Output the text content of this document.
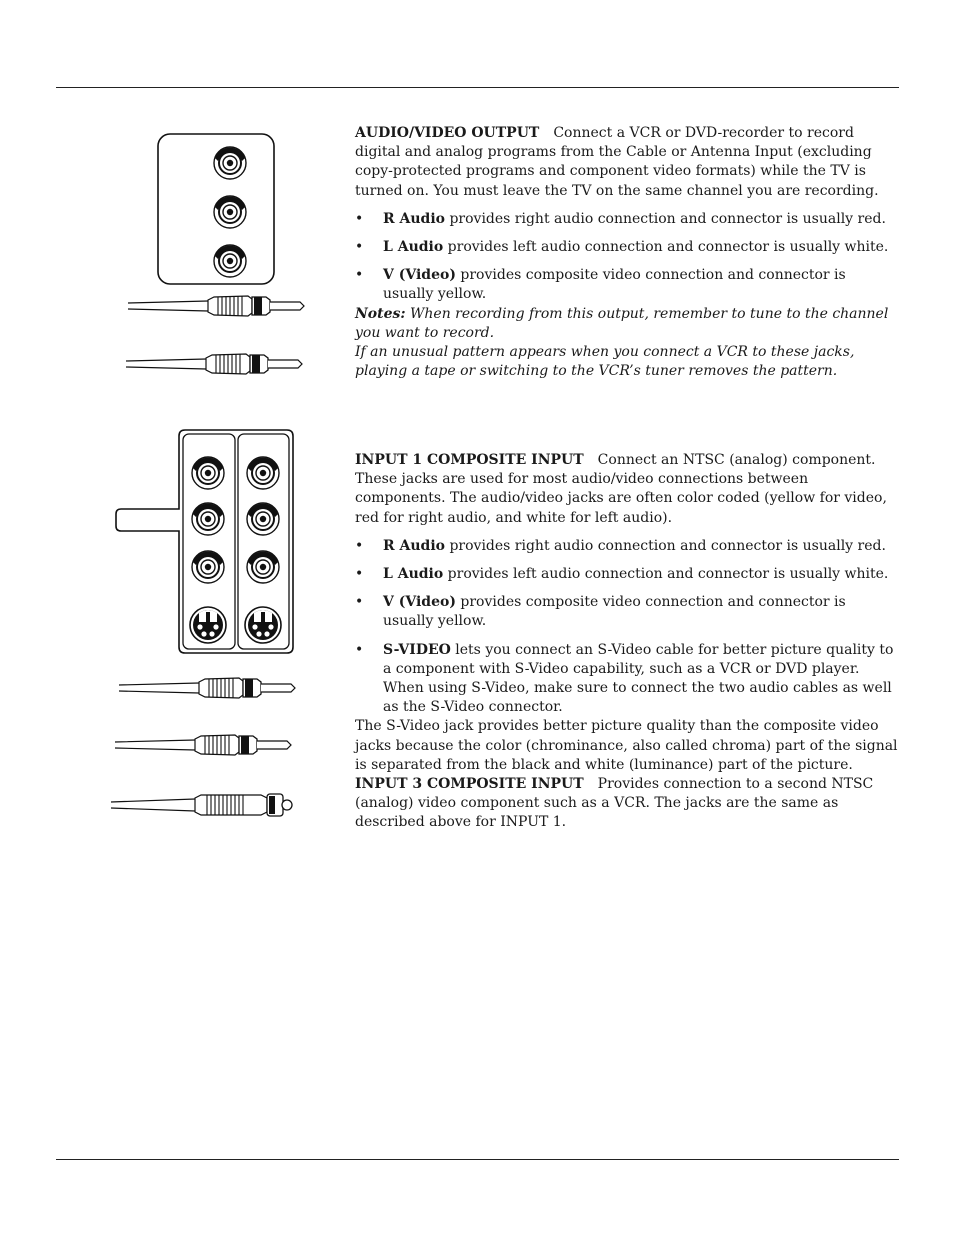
AUDIO/VIDEO OUTPUT Connect a VCR or DVD-recorder to record digital and analog programs from the Cable or Antenna Input (excluding copy-protected programs and component video formats) while the TV is turned on. You must leave the TV on the same channel you are recording.

• R Audio provides right audio connection and connector is usually red.
• L Audio provides left audio connection and connector is usually white.
• V (Video) provides composite video connection and connector is usually yellow.

Notes: When recording from this output, remember to tune to the channel you want to record.

If an unusual pattern appears when you connect a VCR to these jacks, playing a tape or switching to the VCR’s tuner removes the pattern.

INPUT 1 COMPOSITE INPUT Connect an NTSC (analog) component. These jacks are used for most audio/video connections between components. The audio/video jacks are often color coded (yellow for video, red for right audio, and white for left audio).

• R Audio provides right audio connection and connector is usually red.
• L Audio provides left audio connection and connector is usually white.
• V (Video) provides composite video connection and connector is usually yellow.
• S-VIDEO lets you connect an S-Video cable for better picture quality to a component with S-Video capability, such as a VCR or DVD player. When using S-Video, make sure to connect the two audio cables as well as the S-Video connector.

The S-Video jack provides better picture quality than the composite video jacks because the color (chrominance, also called chroma) part of the signal is separated from the black and white (luminance) part of the picture.

INPUT 3 COMPOSITE INPUT Provides connection to a second NTSC (analog) video component such as a VCR. The jacks are the same as described above for INPUT 1.
